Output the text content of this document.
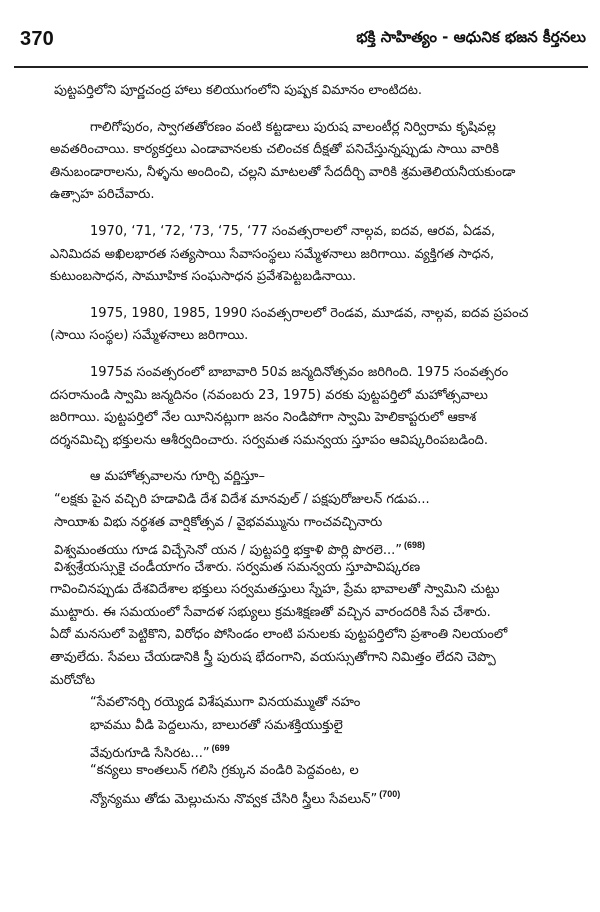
370	భక్తి సాహిత్యం - ఆధునిక భజన కీర్తనలు
పుట్టపర్తిలోని పూర్ణచంద్ర హాలు కలియుగంలోని పుష్పక విమానం లాంటిదట.
గాలిగోపురం, స్వాగతతోరణం వంటి కట్టడాలు పురుష వాలంటీర్ల నిర్విరామ కృషివల్ల
అవతరించాయి. కార్యకర్తలు ఎండావానలకు చలించక దీక్షతో పనిచేస్తున్నప్పుడు సాయి వారికి
తినుబండారాలను, నీళ్ళను అందించి, చల్లని మాటలతో సేదదీర్చి వారికి శ్రమతెలియనీయకుండా
ఉత్సాహ పరిచేవారు.
1970, ‘71, ‘72, ‘73, ‘75, ‘77 సంవత్సరాలలో నాల్గవ, ఐదవ, ఆరవ, ఏడవ,
ఎనిమిదవ అఖిలభారత సత్యసాయి సేవాసంస్థలు సమ్మేళనాలు జరిగాయి. వ్యక్తిగత సాధన,
కుటుంబసాధన, సామూహిక సంఘసాధన ప్రవేశపెట్టబడినాయి.
1975, 1980, 1985, 1990 సంవత్సరాలలో రెండవ, మూడవ, నాల్గవ, ఐదవ ప్రపంచ
(సాయి సంస్థల) సమ్మేళనాలు జరిగాయి.
1975వ సంవత్సరంలో బాబావారి 50వ జన్మదినోత్సవం జరిగింది. 1975 సంవత్సరం
దసరానుండి స్వామి జన్మదినం (నవంబరు 23, 1975) వరకు పుట్టపర్తిలో మహోత్సవాలు
జరిగాయి. పుట్టపర్తిలో నేల యీనినట్లుగా జనం నిండిపోగా స్వామి హెలికాప్టరులో ఆకాశ
దర్శనమిచ్చి భక్తులను ఆశీర్వదించారు. సర్వమత సమన్వయ స్తూపం ఆవిష్కరింపబడింది.
ఆ మహోత్సవాలను గూర్చి వర్ణిస్తూ–
“లక్షకు పైన వచ్చిరి హడావిడి దేశ విదేశ మానవుల్ / పక్షపురోజులన్ గడుప...
సాయిాశు విభు నర్థశత వార్షికోత్సవ / వైభవమ్మును గాంచవచ్చినారు
విశ్వమంతయు గూడ విచ్చేసెనో యన / పుట్టపర్తి భక్తాళి పొర్లి పొరలె...” $^{(698)}$
విశ్వశ్రేయస్సుకై చండీయాగం చేశారు. సర్వమత సమన్వయ స్తూపావిష్కరణ
గావించినప్పుడు దేశవిదేశాల భక్తులు సర్వమతస్తులు స్నేహ, ప్రేమ భావాలతో స్వామిని చుట్టు
ముట్టారు. ఈ సమయంలో సేవాదళ సభ్యులు క్రమశిక్షణతో వచ్చిన వారందరికి సేవ చేశారు.
ఏదో మనసులో పెట్టికొని, విరోధం పోసిండం లాంటి పనులకు పుట్టపర్తిలోని ప్రశాంతి నిలయంలో
తావులేదు. సేవలు చేయడానికి స్త్రీ పురుష భేదంగాని, వయస్సుతోగాని నిమిత్తం లేదని చెప్పొ
మరోచోట
“సేవలొనర్చి రయ్యెడ విశేషముగా వినయమ్ముతో నహం
భావము వీడి పెద్దలును, బాలురతో సమశక్తియుక్తులై
వేవురుగూడి సేసిరట...” $^{(699}$
“కన్యలు కాంతలున్ గలిసి గ్రక్కున వండిరి పెద్దవంట, ల
న్యోన్యము తోడు మెల్లుచును నొవ్వక చేసిరి స్త్రీలు సేవలున్” $^{(700)}$
